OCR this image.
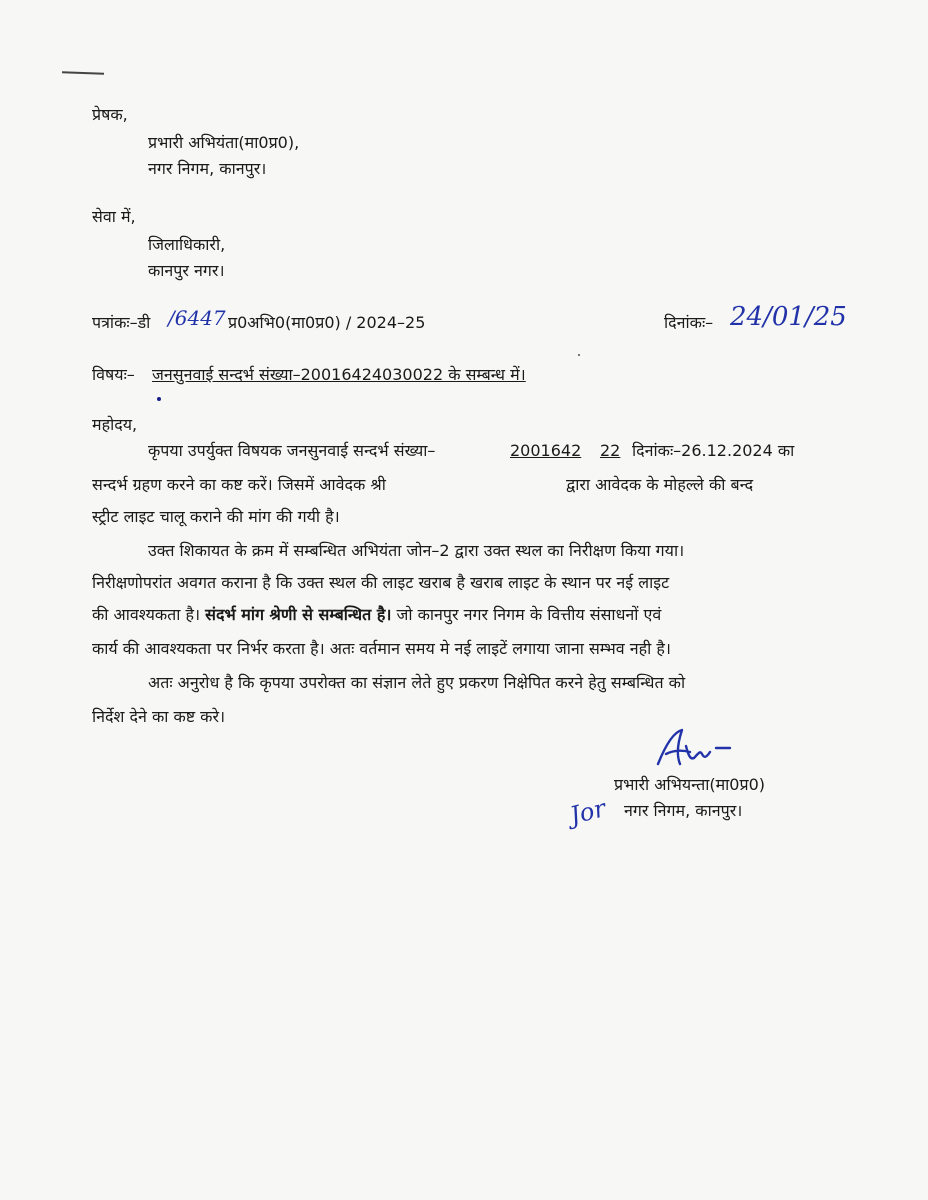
प्रेषक,
प्रभारी अभियंता(मा0प्र0),
नगर निगम, कानपुर।
सेवा में,
जिलाधिकारी,
कानपुर नगर।
पत्रांकः–डी /6447 प्र0अभि0(मा0प्र0) / 2024–25	दिनांकः– 24/01/25
विषयः– जनसुनवाई सन्दर्भ संख्या–20016424030022 के सम्बन्ध में।
महोदय,
कृपया उपर्युक्त विषयक जनसुनवाई सन्दर्भ संख्या–	2001642 22 दिनांकः–26.12.2024 का
सन्दर्भ ग्रहण करने का कष्ट करें। जिसमें आवेदक श्री	द्वारा आवेदक के मोहल्ले की बन्द
स्ट्रीट लाइट चालू कराने की मांग की गयी है।
उक्त शिकायत के क्रम में सम्बन्धित अभियंता जोन–2 द्वारा उक्त स्थल का निरीक्षण किया गया।
निरीक्षणोपरांत अवगत कराना है कि उक्त स्थल की लाइट खराब है खराब लाइट के स्थान पर नई लाइट
की आवश्यकता है। संदर्भ मांग श्रेणी से सम्बन्धित है। जो कानपुर नगर निगम के वित्तीय संसाधनों एवं
कार्य की आवश्यकता पर निर्भर करता है। अतः वर्तमान समय मे नई लाइटें लगाया जाना सम्भव नही है।
अतः अनुरोध है कि कृपया उपरोक्त का संज्ञान लेते हुए प्रकरण निक्षेपित करने हेतु सम्बन्धित को
निर्देश देने का कष्ट करे।
प्रभारी अभियन्ता(मा0प्र0)
नगर निगम, कानपुर।
Jor
